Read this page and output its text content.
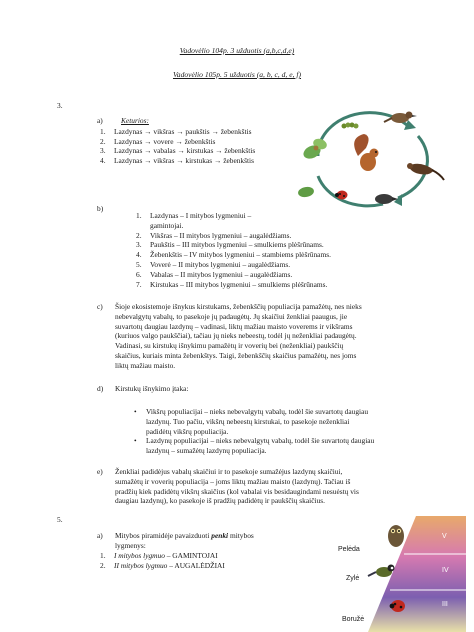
Vadovėlio 104p. 3 užduotis (a,b,c,d,e)
Vadovėlio 105p. 5 užduotis (a, b, c, d, e, f)
3.
a) Keturios:
1. Lazdynas → vikšras → paukštis → žebenkštis
2. Lazdynas → vovere → žebenkštis
3. Lazdynas → vabalas → kirstukas → žebenkštis
4. Lazdynas → vikšras → kirstukas → žebenkštis
b)
1. Lazdynas – I mitybos lygmeniui –
gamintojai.
2. Vikšras – II mitybos lygmeniui – augalėdžiams.
3. Paukštis – III mitybos lygmeniui – smulkiems plėšrūnams.
4. Žebenkštis – IV mitybos lygmeniui – stambiems plėšrūnams.
5. Voverė – II mitybos lygmeniui – augalėdžiams.
6. Vabalas – II mitybos lygmeniui – augalėdžiams.
7. Kirstukas – III mitybos lygmeniui – smulkiems plėšrūnams.
c) Šioje ekosistemoje išnykus kirstukams, žebenkščių populiacija pamažėtų, nes nieks
nebevalgytų vabalų, to pasekoje jų padaugėtų. Jų skaičiui ženkliai paaugus, jie
suvartotų daugiau lazdynų – vadinasi, liktų mažiau maisto voverems ir vikšrams
(kuriuos valgo paukščiai), tačiau jų nieks nebeestų, todėl jų neženkliai padaugėtų.
Vadinasi, su kirstukų išnykimu pamažėtų ir voverių bei (neženkliai) paukščių
skaičius, kuriais minta žebenkštys. Taigi, žebenkščių skaičius pamažėtų, nes joms
liktų mažiau maisto.
d) Kirstukų išnykimo įtaka:
• Vikšrų populiacijai – nieks nebevalgytų vabalų, todėl šie suvartotų daugiau
lazdynų. Tuo pačiu, vikšrų nebeestų kirstukai, to pasekoje neženkliai
padidėtų vikšrų populiacija.
• Lazdynų populiacijai – nieks nebevalgytų vabalų, todėl šie suvartotų daugiau
lazdynų – sumažėtų lazdynų populiacija.
e) Ženkliai padidėjus vabalų skaičiui ir to pasekoje sumažėjus lazdynų skaičiui,
sumažėtų ir voverių populiacija – joms liktų mažiau maisto (lazdynų). Tačiau iš
pradžių kiek padidėtų vikšrų skaičius (kol vabalai vis besidaugindami nesuėstų vis
daugiau lazdynų), ko pasekoje iš pradžių padidėtų ir paukščių skaičius.
5.
a) Mitybos piramidėje pavaizduoti penki mitybos
lygmenys:
1. I mitybos lygmuo – GAMINTOJAI
2. II mitybos lygmuo – AUGALĖDŽIAI
Pelėda
Zylė
Boružė
V
IV
III
